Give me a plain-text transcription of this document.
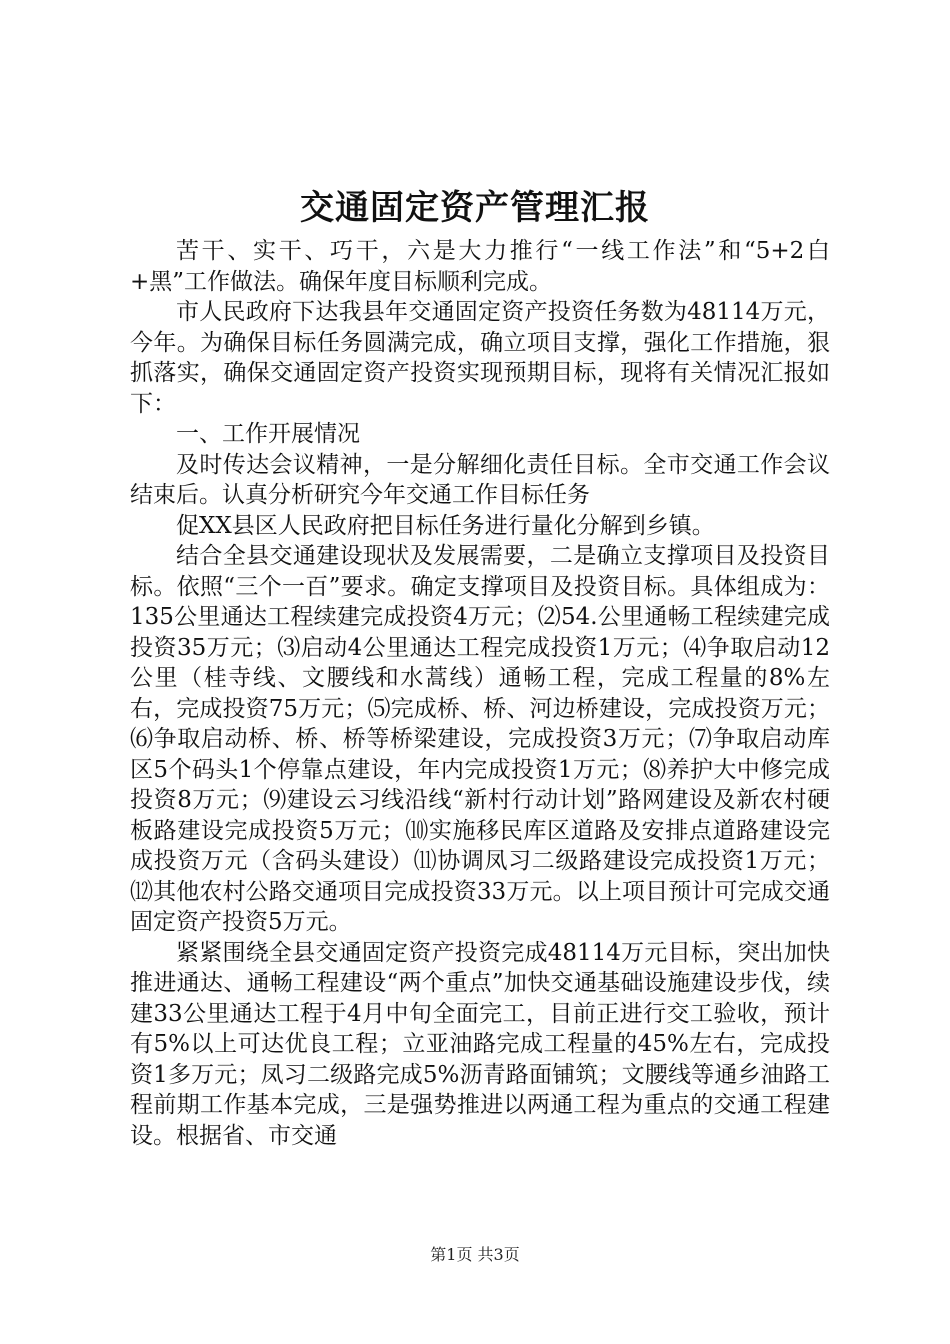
交通固定资产管理汇报

苦干、实干、巧干，六是大力推行“一线工作法”和“5+2白+黑”工作做法。确保年度目标顺利完成。

市人民政府下达我县年交通固定资产投资任务数为48114万元，今年。为确保目标任务圆满完成，确立项目支撑，强化工作措施，狠抓落实，确保交通固定资产投资实现预期目标，现将有关情况汇报如下：

一、工作开展情况

及时传达会议精神，一是分解细化责任目标。全市交通工作会议结束后。认真分析研究今年交通工作目标任务

促XX县区人民政府把目标任务进行量化分解到乡镇。

结合全县交通建设现状及发展需要，二是确立支撑项目及投资目标。依照“三个一百”要求。确定支撑项目及投资目标。具体组成为：135公里通达工程续建完成投资4万元；⑵54.公里通畅工程续建完成投资35万元；⑶启动4公里通达工程完成投资1万元；⑷争取启动12公里（桂寺线、文腰线和水蒿线）通畅工程，完成工程量的8%左右，完成投资75万元；⑸完成桥、桥、河边桥建设，完成投资万元；⑹争取启动桥、桥、桥等桥梁建设，完成投资3万元；⑺争取启动库区5个码头1个停靠点建设，年内完成投资1万元；⑻养护大中修完成投资8万元；⑼建设云习线沿线“新村行动计划”路网建设及新农村硬板路建设完成投资5万元；⑽实施移民库区道路及安排点道路建设完成投资万元（含码头建设）⑾协调凤习二级路建设完成投资1万元；⑿其他农村公路交通项目完成投资33万元。以上项目预计可完成交通固定资产投资5万元。

紧紧围绕全县交通固定资产投资完成48114万元目标，突出加快推进通达、通畅工程建设“两个重点”加快交通基础设施建设步伐，续建33公里通达工程于4月中旬全面完工，目前正进行交工验收，预计有5%以上可达优良工程；立亚油路完成工程量的45%左右，完成投资1多万元；凤习二级路完成5%沥青路面铺筑；文腰线等通乡油路工程前期工作基本完成，三是强势推进以两通工程为重点的交通工程建设。根据省、市交通

第1页 共3页
